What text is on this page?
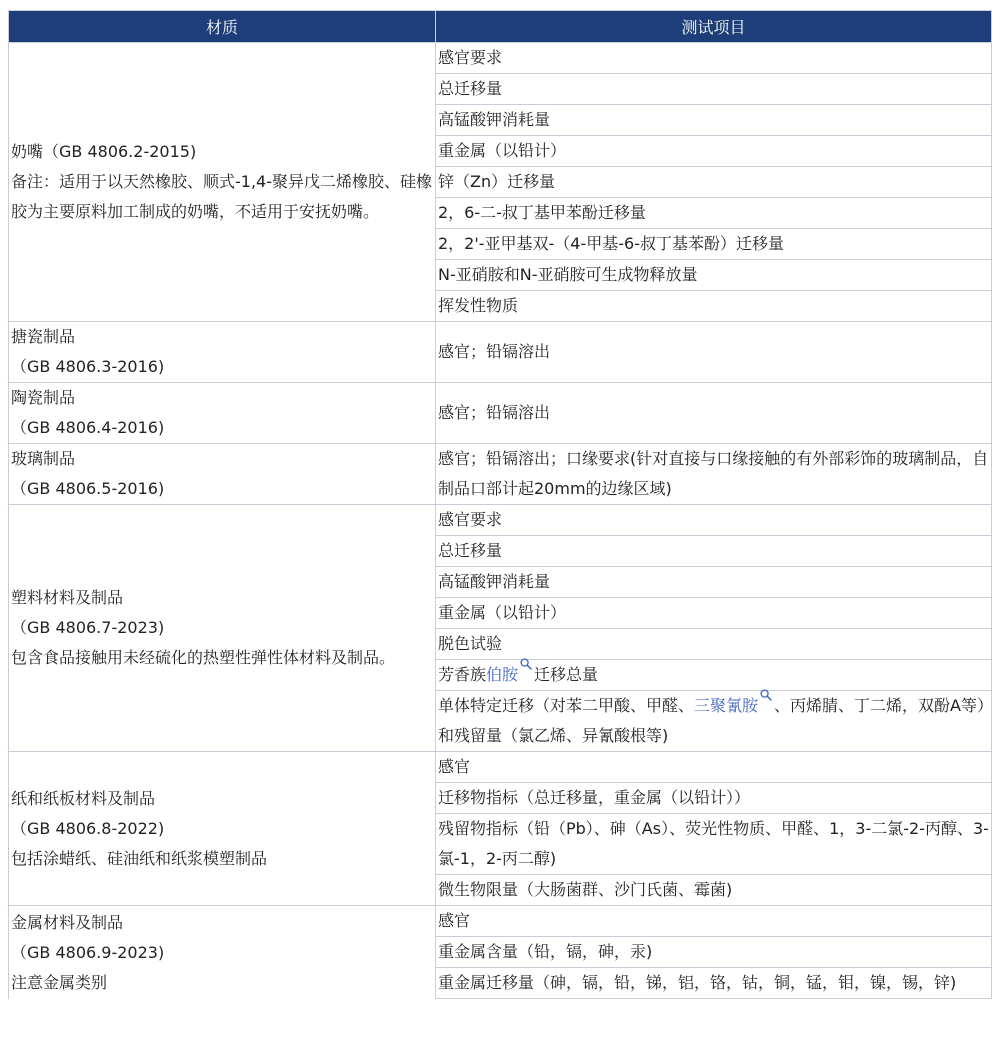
材质	测试项目

奶嘴（GB 4806.2-2015)
备注：适用于以天然橡胶、顺式-1,4-聚异戊二烯橡胶、硅橡胶为主要原料加工制成的奶嘴，不适用于安抚奶嘴。	感官要求
	总迁移量
	高锰酸钾消耗量
	重金属（以铅计）
	锌（Zn）迁移量
	2，6-二-叔丁基甲苯酚迁移量
	2，2'-亚甲基双-（4-甲基-6-叔丁基苯酚）迁移量
	N-亚硝胺和N-亚硝胺可生成物释放量
	挥发性物质

搪瓷制品
（GB 4806.3-2016)	感官；铅镉溶出

陶瓷制品
（GB 4806.4-2016)	感官；铅镉溶出

玻璃制品
（GB 4806.5-2016)	感官；铅镉溶出；口缘要求(针对直接与口缘接触的有外部彩饰的玻璃制品，自制品口部计起20mm的边缘区域)

塑料材料及制品
（GB 4806.7-2023)
包含食品接触用未经硫化的热塑性弹性体材料及制品。	感官要求
	总迁移量
	高锰酸钾消耗量
	重金属（以铅计）
	脱色试验
	芳香族伯胺 迁移总量
	单体特定迁移（对苯二甲酸、甲醛、三聚氰胺 、丙烯腈、丁二烯，双酚A等）和残留量（氯乙烯、异氰酸根等)

纸和纸板材料及制品
（GB 4806.8-2022)
包括涂蜡纸、硅油纸和纸浆模塑制品	感官
	迁移物指标（总迁移量，重金属（以铅计））
	残留物指标（铅（Pb）、砷（As）、荧光性物质、甲醛、1，3-二氯-2-丙醇、3-氯-1，2-丙二醇)
	微生物限量（大肠菌群、沙门氏菌、霉菌)

金属材料及制品
（GB 4806.9-2023)
注意金属类别	感官
	重金属含量（铅，镉，砷，汞)
	重金属迁移量（砷，镉，铅，锑，铝，铬，钴，铜，锰，钼，镍，锡，锌)
